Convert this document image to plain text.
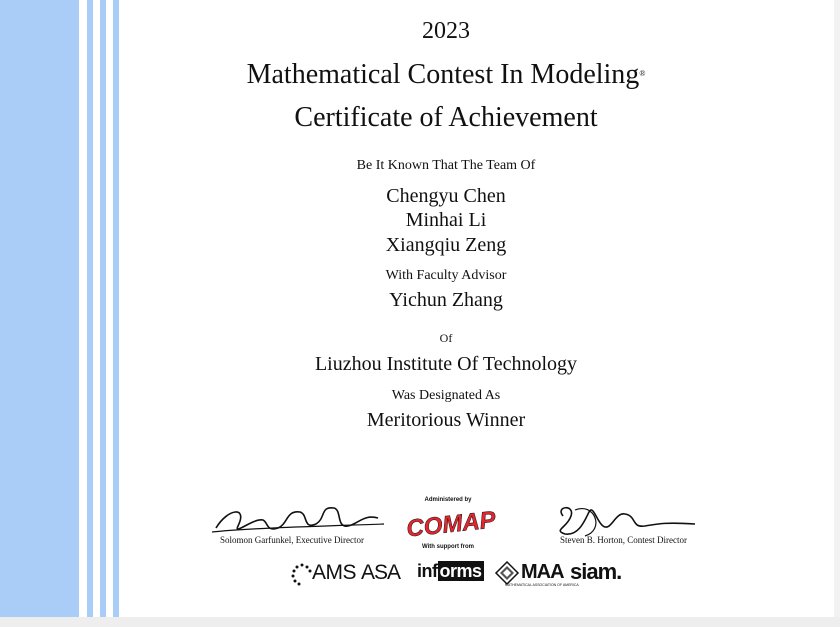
2023
Mathematical Contest In Modeling®
Certificate of Achievement
Be It Known That The Team Of
Chengyu Chen
Minhai Li
Xiangqiu Zeng
With Faculty Advisor
Yichun Zhang
Of
Liuzhou Institute Of Technology
Was Designated As
Meritorious Winner
Solomon Garfunkel, Executive Director	Steven B. Horton, Contest Director
Administered by
COMAP
With support from
AMS ASA inf orms MAA
MATHEMATICAL ASSOCIATION OF AMERICA
siam.
